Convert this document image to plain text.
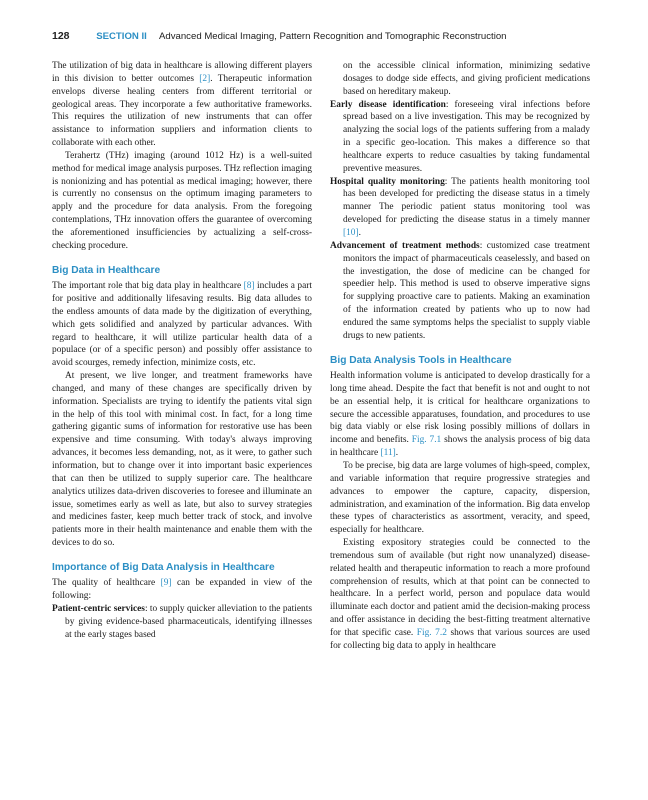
128	SECTION II Advanced Medical Imaging, Pattern Recognition and Tomographic Reconstruction

The utilization of big data in healthcare is allowing different players in this division to better outcomes [2]. Therapeutic information envelops diverse healing centers from different territorial or geological areas. They incorporate a few authoritative frameworks. This requires the utilization of new instruments that can offer assistance to information suppliers and information clients to collaborate with each other.

Terahertz (THz) imaging (around 1012 Hz) is a well-suited method for medical image analysis purposes. THz reflection imaging is nonionizing and has potential as medical imaging; however, there is currently no consensus on the optimum imaging parameters to apply and the procedure for data analysis. From the foregoing contemplations, THz innovation offers the guarantee of overcoming the aforementioned insufficiencies by actualizing a self-cross-checking procedure.

Big Data in Healthcare

The important role that big data play in healthcare [8] includes a part for positive and additionally lifesaving results. Big data alludes to the endless amounts of data made by the digitization of everything, which gets solidified and analyzed by particular advances. With regard to healthcare, it will utilize particular health data of a populace (or of a specific person) and possibly offer assistance to avoid scourges, remedy infection, minimize costs, etc.

At present, we live longer, and treatment frameworks have changed, and many of these changes are specifically driven by information. Specialists are trying to identify the patients vital sign in the help of this tool with minimal cost. In fact, for a long time gathering gigantic sums of information for restorative use has been expensive and time consuming. With today's always improving advances, it becomes less demanding, not, as it were, to gather such information, but to change over it into important basic experiences that can then be utilized to supply superior care. The healthcare analytics utilizes data-driven discoveries to foresee and illuminate an issue, sometimes early as well as late, but also to survey strategies and medicines faster, keep much better track of stock, and involve patients more in their health maintenance and enable them with the devices to do so.

Importance of Big Data Analysis in Healthcare

The quality of healthcare [9] can be expanded in view of the following:

Patient-centric services: to supply quicker alleviation to the patients by giving evidence-based pharmaceuticals, identifying illnesses at the early stages based

on the accessible clinical information, minimizing sedative dosages to dodge side effects, and giving proficient medications based on hereditary makeup.

Early disease identification: foreseeing viral infections before spread based on a live investigation. This may be recognized by analyzing the social logs of the patients suffering from a malady in a specific geo-location. This makes a difference so that healthcare experts to reduce casualties by taking fundamental preventive measures.

Hospital quality monitoring: The patients health monitoring tool has been developed for predicting the disease status in a timely manner The periodic patient status monitoring tool was developed for predicting the disease status in a timely manner [10].

Advancement of treatment methods: customized case treatment monitors the impact of pharmaceuticals ceaselessly, and based on the investigation, the dose of medicine can be changed for speedier help. This method is used to observe imperative signs for supplying proactive care to patients. Making an examination of the information created by patients who up to now had endured the same symptoms helps the specialist to supply viable drugs to new patients.

Big Data Analysis Tools in Healthcare

Health information volume is anticipated to develop drastically for a long time ahead. Despite the fact that benefit is not and ought to not be an essential help, it is critical for healthcare organizations to secure the accessible apparatuses, foundation, and procedures to use big data viably or else risk losing possibly millions of dollars in income and benefits. Fig. 7.1 shows the analysis process of big data in healthcare [11].

To be precise, big data are large volumes of high-speed, complex, and variable information that require progressive strategies and advances to empower the capture, capacity, dispersion, administration, and examination of the information. Big data envelop these types of characteristics as assortment, veracity, and speed, especially for healthcare.

Existing expository strategies could be connected to the tremendous sum of available (but right now unanalyzed) disease-related health and therapeutic information to reach a more profound comprehension of results, which at that point can be connected to healthcare. In a perfect world, person and populace data would illuminate each doctor and patient amid the decision-making process and offer assistance in deciding the best-fitting treatment alternative for that specific case. Fig. 7.2 shows that various sources are used for collecting big data to apply in healthcare
